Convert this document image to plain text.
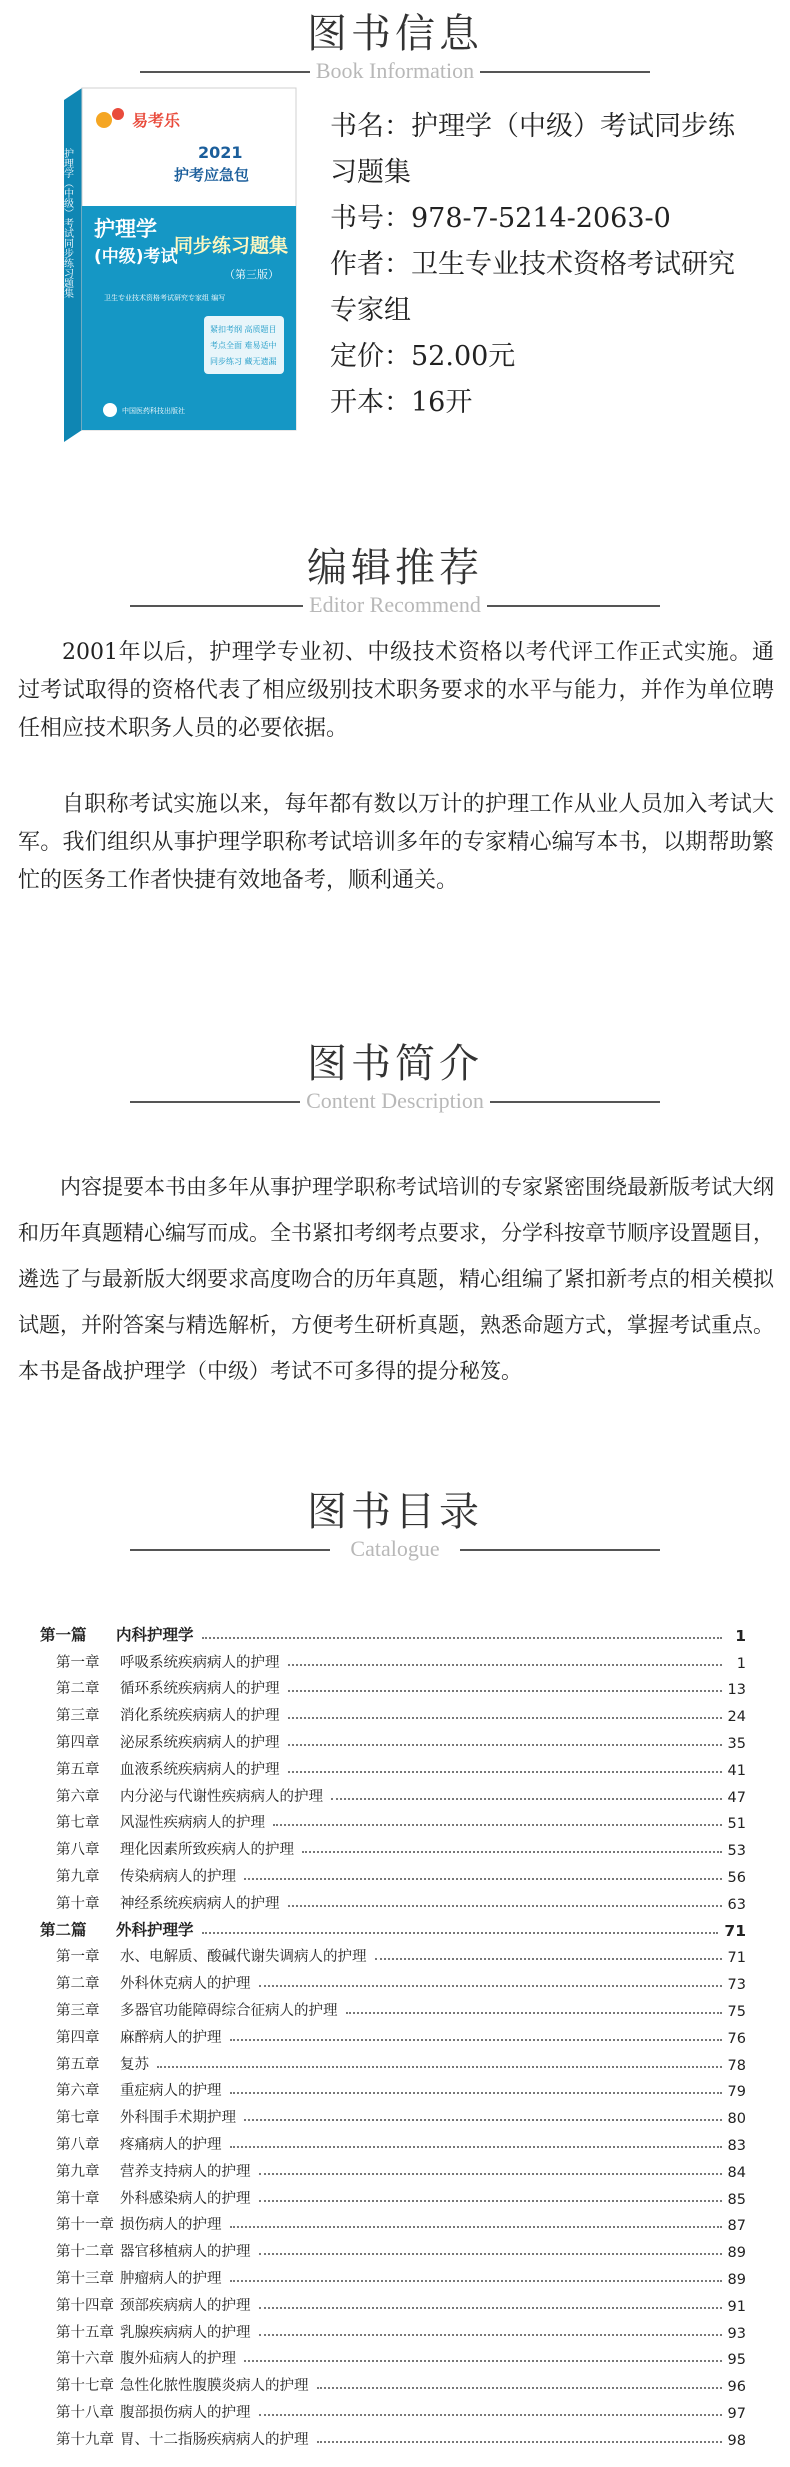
图书信息
Book Information
易考乐
2021
护考应急包
护理学
(中级)考试
同步练习题集
（第三版）
卫生专业技术资格考试研究专家组 编写
紧扣考纲 高质题目
考点全面 难易适中
同步练习 藏无遗漏
中国医药科技出版社
护理学（中级）考试同步练习题集
书名：护理学（中级）考试同步练
习题集
书号：978-7-5214-2063-0
作者：卫生专业技术资格考试研究
专家组
定价：52.00元
开本：16开
编辑推荐
Editor Recommend

2001年以后，护理学专业初、中级技术资格以考代评工作正式实施。通过考试取得的资格代表了相应级别技术职务要求的水平与能力，并作为单位聘任相应技术职务人员的必要依据。

自职称考试实施以来，每年都有数以万计的护理工作从业人员加入考试大军。我们组织从事护理学职称考试培训多年的专家精心编写本书，以期帮助繁忙的医务工作者快捷有效地备考，顺利通关。

图书简介
Content Description

内容提要本书由多年从事护理学职称考试培训的专家紧密围绕最新版考试大纲和历年真题精心编写而成。全书紧扣考纲考点要求，分学科按章节顺序设置题目，遴选了与最新版大纲要求高度吻合的历年真题，精心组编了紧扣新考点的相关模拟试题，并附答案与精选解析，方便考生研析真题，熟悉命题方式，掌握考试重点。本书是备战护理学（中级）考试不可多得的提分秘笈。

图书目录
Catalogue
第一篇 内科护理学	1
第一章 呼吸系统疾病病人的护理	1
第二章 循环系统疾病病人的护理	13
第三章 消化系统疾病病人的护理	24
第四章 泌尿系统疾病病人的护理	35
第五章 血液系统疾病病人的护理	41
第六章 内分泌与代谢性疾病病人的护理	47
第七章 风湿性疾病病人的护理	51
第八章 理化因素所致疾病人的护理	53
第九章 传染病病人的护理	56
第十章 神经系统疾病病人的护理	63
第二篇 外科护理学	71
第一章 水、电解质、酸碱代谢失调病人的护理	71
第二章 外科休克病人的护理	73
第三章 多器官功能障碍综合征病人的护理	75
第四章 麻醉病人的护理	76
第五章 复苏	78
第六章 重症病人的护理	79
第七章 外科围手术期护理	80
第八章 疼痛病人的护理	83
第九章 营养支持病人的护理	84
第十章 外科感染病人的护理	85
第十一章 损伤病人的护理	87
第十二章 器官移植病人的护理	89
第十三章 肿瘤病人的护理	89
第十四章 颈部疾病病人的护理	91
第十五章 乳腺疾病病人的护理	93
第十六章 腹外疝病人的护理	95
第十七章 急性化脓性腹膜炎病人的护理	96
第十八章 腹部损伤病人的护理	97
第十九章 胃、十二指肠疾病病人的护理	98
